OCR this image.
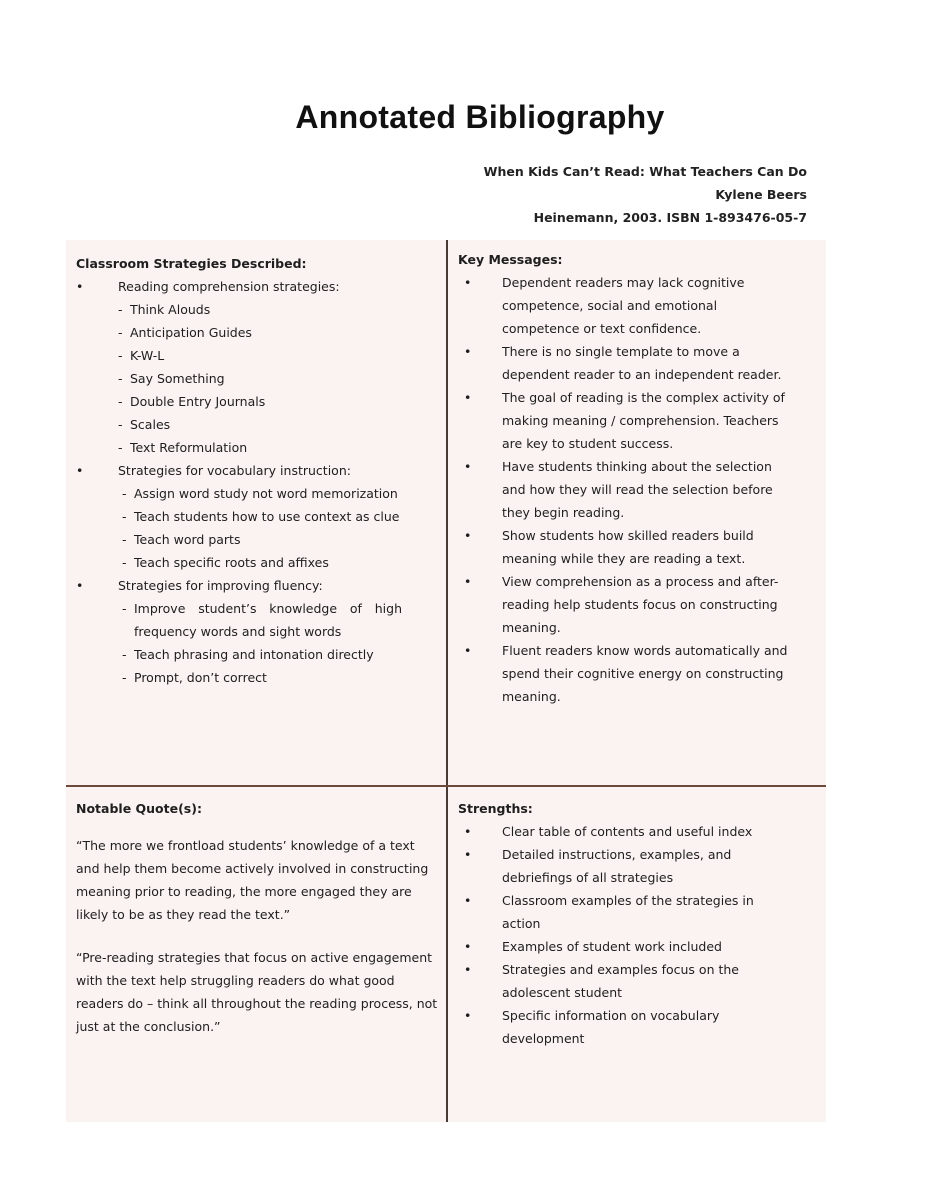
Annotated Bibliography
When Kids Can’t Read: What Teachers Can Do
Kylene Beers
Heinemann, 2003. ISBN 1-893476-05-7
Classroom Strategies Described:
•	Reading comprehension strategies:
- Think Alouds
- Anticipation Guides
- K-W-L
- Say Something
- Double Entry Journals
- Scales
- Text Reformulation
•	Strategies for vocabulary instruction:
- Assign word study not word memorization
- Teach students how to use context as clue
- Teach word parts
- Teach specific roots and affixes
•	Strategies for improving fluency:
- Improve student’s knowledge of high frequency words and sight words
- Teach phrasing and intonation directly
- Prompt, don’t correct
Key Messages:
• Dependent readers may lack cognitive competence, social and emotional competence or text confidence.
• There is no single template to move a dependent reader to an independent reader.
• The goal of reading is the complex activity of making meaning / comprehension. Teachers are key to student success.
• Have students thinking about the selection and how they will read the selection before they begin reading.
• Show students how skilled readers build meaning while they are reading a text.
• View comprehension as a process and after- reading help students focus on constructing meaning.
• Fluent readers know words automatically and spend their cognitive energy on constructing meaning.
Notable Quote(s):

“The more we frontload students’ knowledge of a text and help them become actively involved in constructing meaning prior to reading, the more engaged they are likely to be as they read the text.”

“Pre-reading strategies that focus on active engagement with the text help struggling readers do what good readers do – think all throughout the reading process, not just at the conclusion.”

Strengths:
• Clear table of contents and useful index
• Detailed instructions, examples, and debriefings of all strategies
• Classroom examples of the strategies in action
• Examples of student work included
• Strategies and examples focus on the adolescent student
• Specific information on vocabulary development
